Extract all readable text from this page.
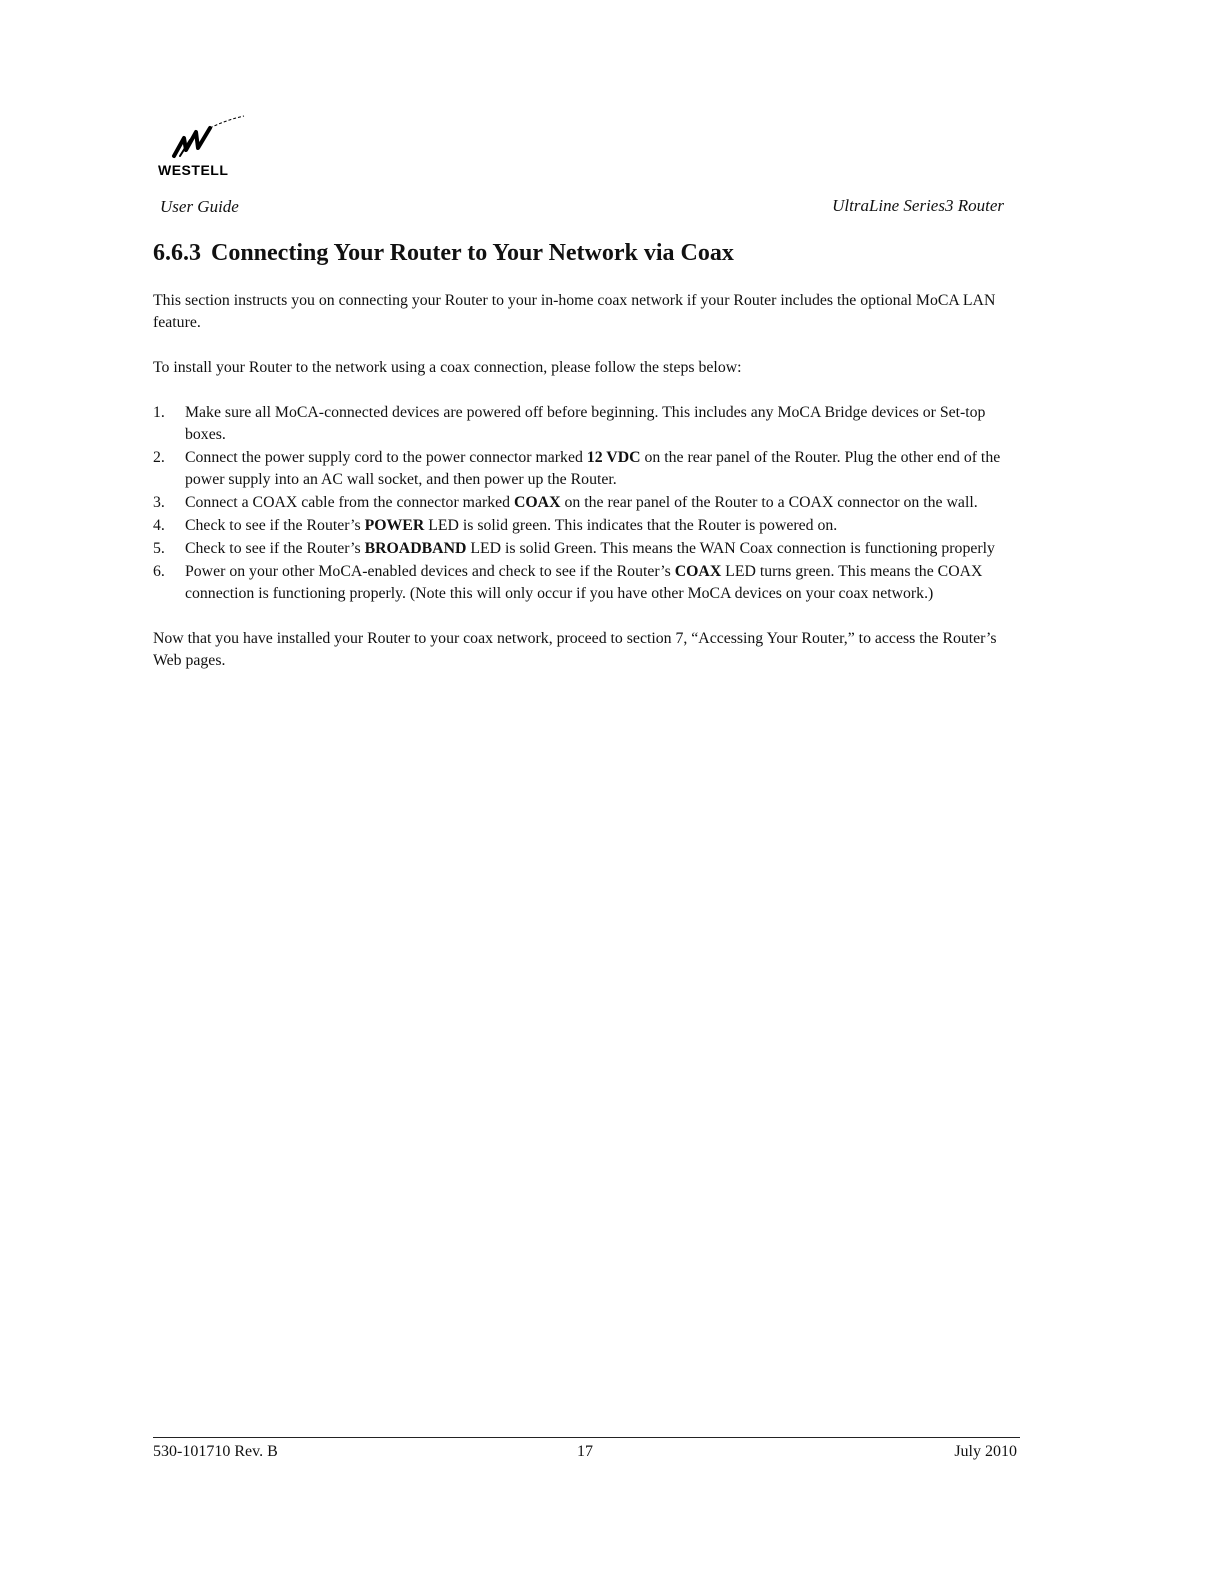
WESTELL
User Guide	UltraLine Series3 Router
6.6.3 Connecting Your Router to Your Network via Coax

This section instructs you on connecting your Router to your in-home coax network if your Router includes the optional MoCA LAN feature.

To install your Router to the network using a coax connection, please follow the steps below:

1. Make sure all MoCA-connected devices are powered off before beginning. This includes any MoCA Bridge devices or Set-top boxes.
2. Connect the power supply cord to the power connector marked 12 VDC on the rear panel of the Router. Plug the other end of the power supply into an AC wall socket, and then power up the Router.
3. Connect a COAX cable from the connector marked COAX on the rear panel of the Router to a COAX connector on the wall.
4. Check to see if the Router’s POWER LED is solid green. This indicates that the Router is powered on.
5. Check to see if the Router’s BROADBAND LED is solid Green. This means the WAN Coax connection is functioning properly
6. Power on your other MoCA-enabled devices and check to see if the Router’s COAX LED turns green. This means the COAX connection is functioning properly. (Note this will only occur if you have other MoCA devices on your coax network.)

Now that you have installed your Router to your coax network, proceed to section 7, “Accessing Your Router,” to access the Router’s Web pages.

530-101710 Rev. B	17	July 2010
